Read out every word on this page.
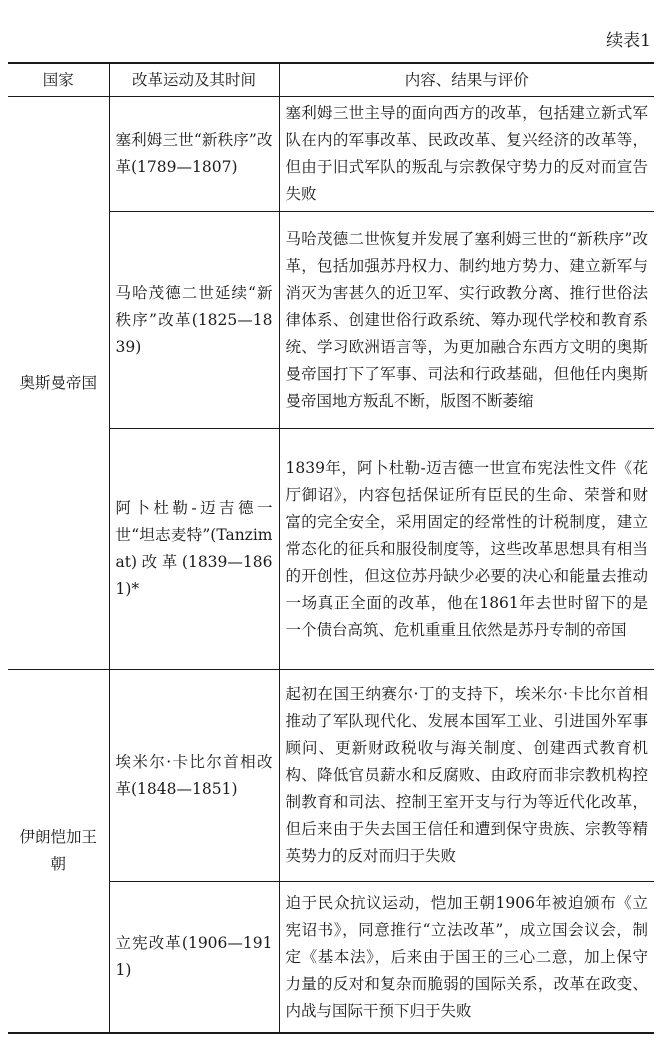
续表1
国家	改革运动及其时间	内容、结果与评价
奥斯曼帝国	塞利姆三世“新秩序”改革(1789—1807)	塞利姆三世主导的面向西方的改革，包括建立新式军队在内的军事改革、民政改革、复兴经济的改革等，但由于旧式军队的叛乱与宗教保守势力的反对而宣告失败
	马哈茂德二世延续“新秩序”改革(1825—1839)	马哈茂德二世恢复并发展了塞利姆三世的“新秩序”改革，包括加强苏丹权力、制约地方势力、建立新军与消灭为害甚久的近卫军、实行政教分离、推行世俗法律体系、创建世俗行政系统、筹办现代学校和教育系统、学习欧洲语言等，为更加融合东西方文明的奥斯曼帝国打下了军事、司法和行政基础，但他任内奥斯曼帝国地方叛乱不断，版图不断萎缩
	阿卜杜勒-迈吉德一世“坦志麦特”(Tanzimat)改革(1839—1861)*	1839年，阿卜杜勒-迈吉德一世宣布宪法性文件《花厅御诏》，内容包括保证所有臣民的生命、荣誉和财富的完全安全，采用固定的经常性的计税制度，建立常态化的征兵和服役制度等，这些改革思想具有相当的开创性，但这位苏丹缺少必要的决心和能量去推动一场真正全面的改革，他在1861年去世时留下的是一个债台高筑、危机重重且依然是苏丹专制的帝国
伊朗恺加王朝	埃米尔·卡比尔首相改革(1848—1851)	起初在国王纳赛尔·丁的支持下，埃米尔·卡比尔首相推动了军队现代化、发展本国军工业、引进国外军事顾问、更新财政税收与海关制度、创建西式教育机构、降低官员薪水和反腐败、由政府而非宗教机构控制教育和司法、控制王室开支与行为等近代化改革，但后来由于失去国王信任和遭到保守贵族、宗教等精英势力的反对而归于失败
	立宪改革(1906—1911)	迫于民众抗议运动，恺加王朝1906年被迫颁布《立宪诏书》，同意推行“立法改革”，成立国会议会，制定《基本法》，后来由于国王的三心二意，加上保守力量的反对和复杂而脆弱的国际关系，改革在政变、内战与国际干预下归于失败
